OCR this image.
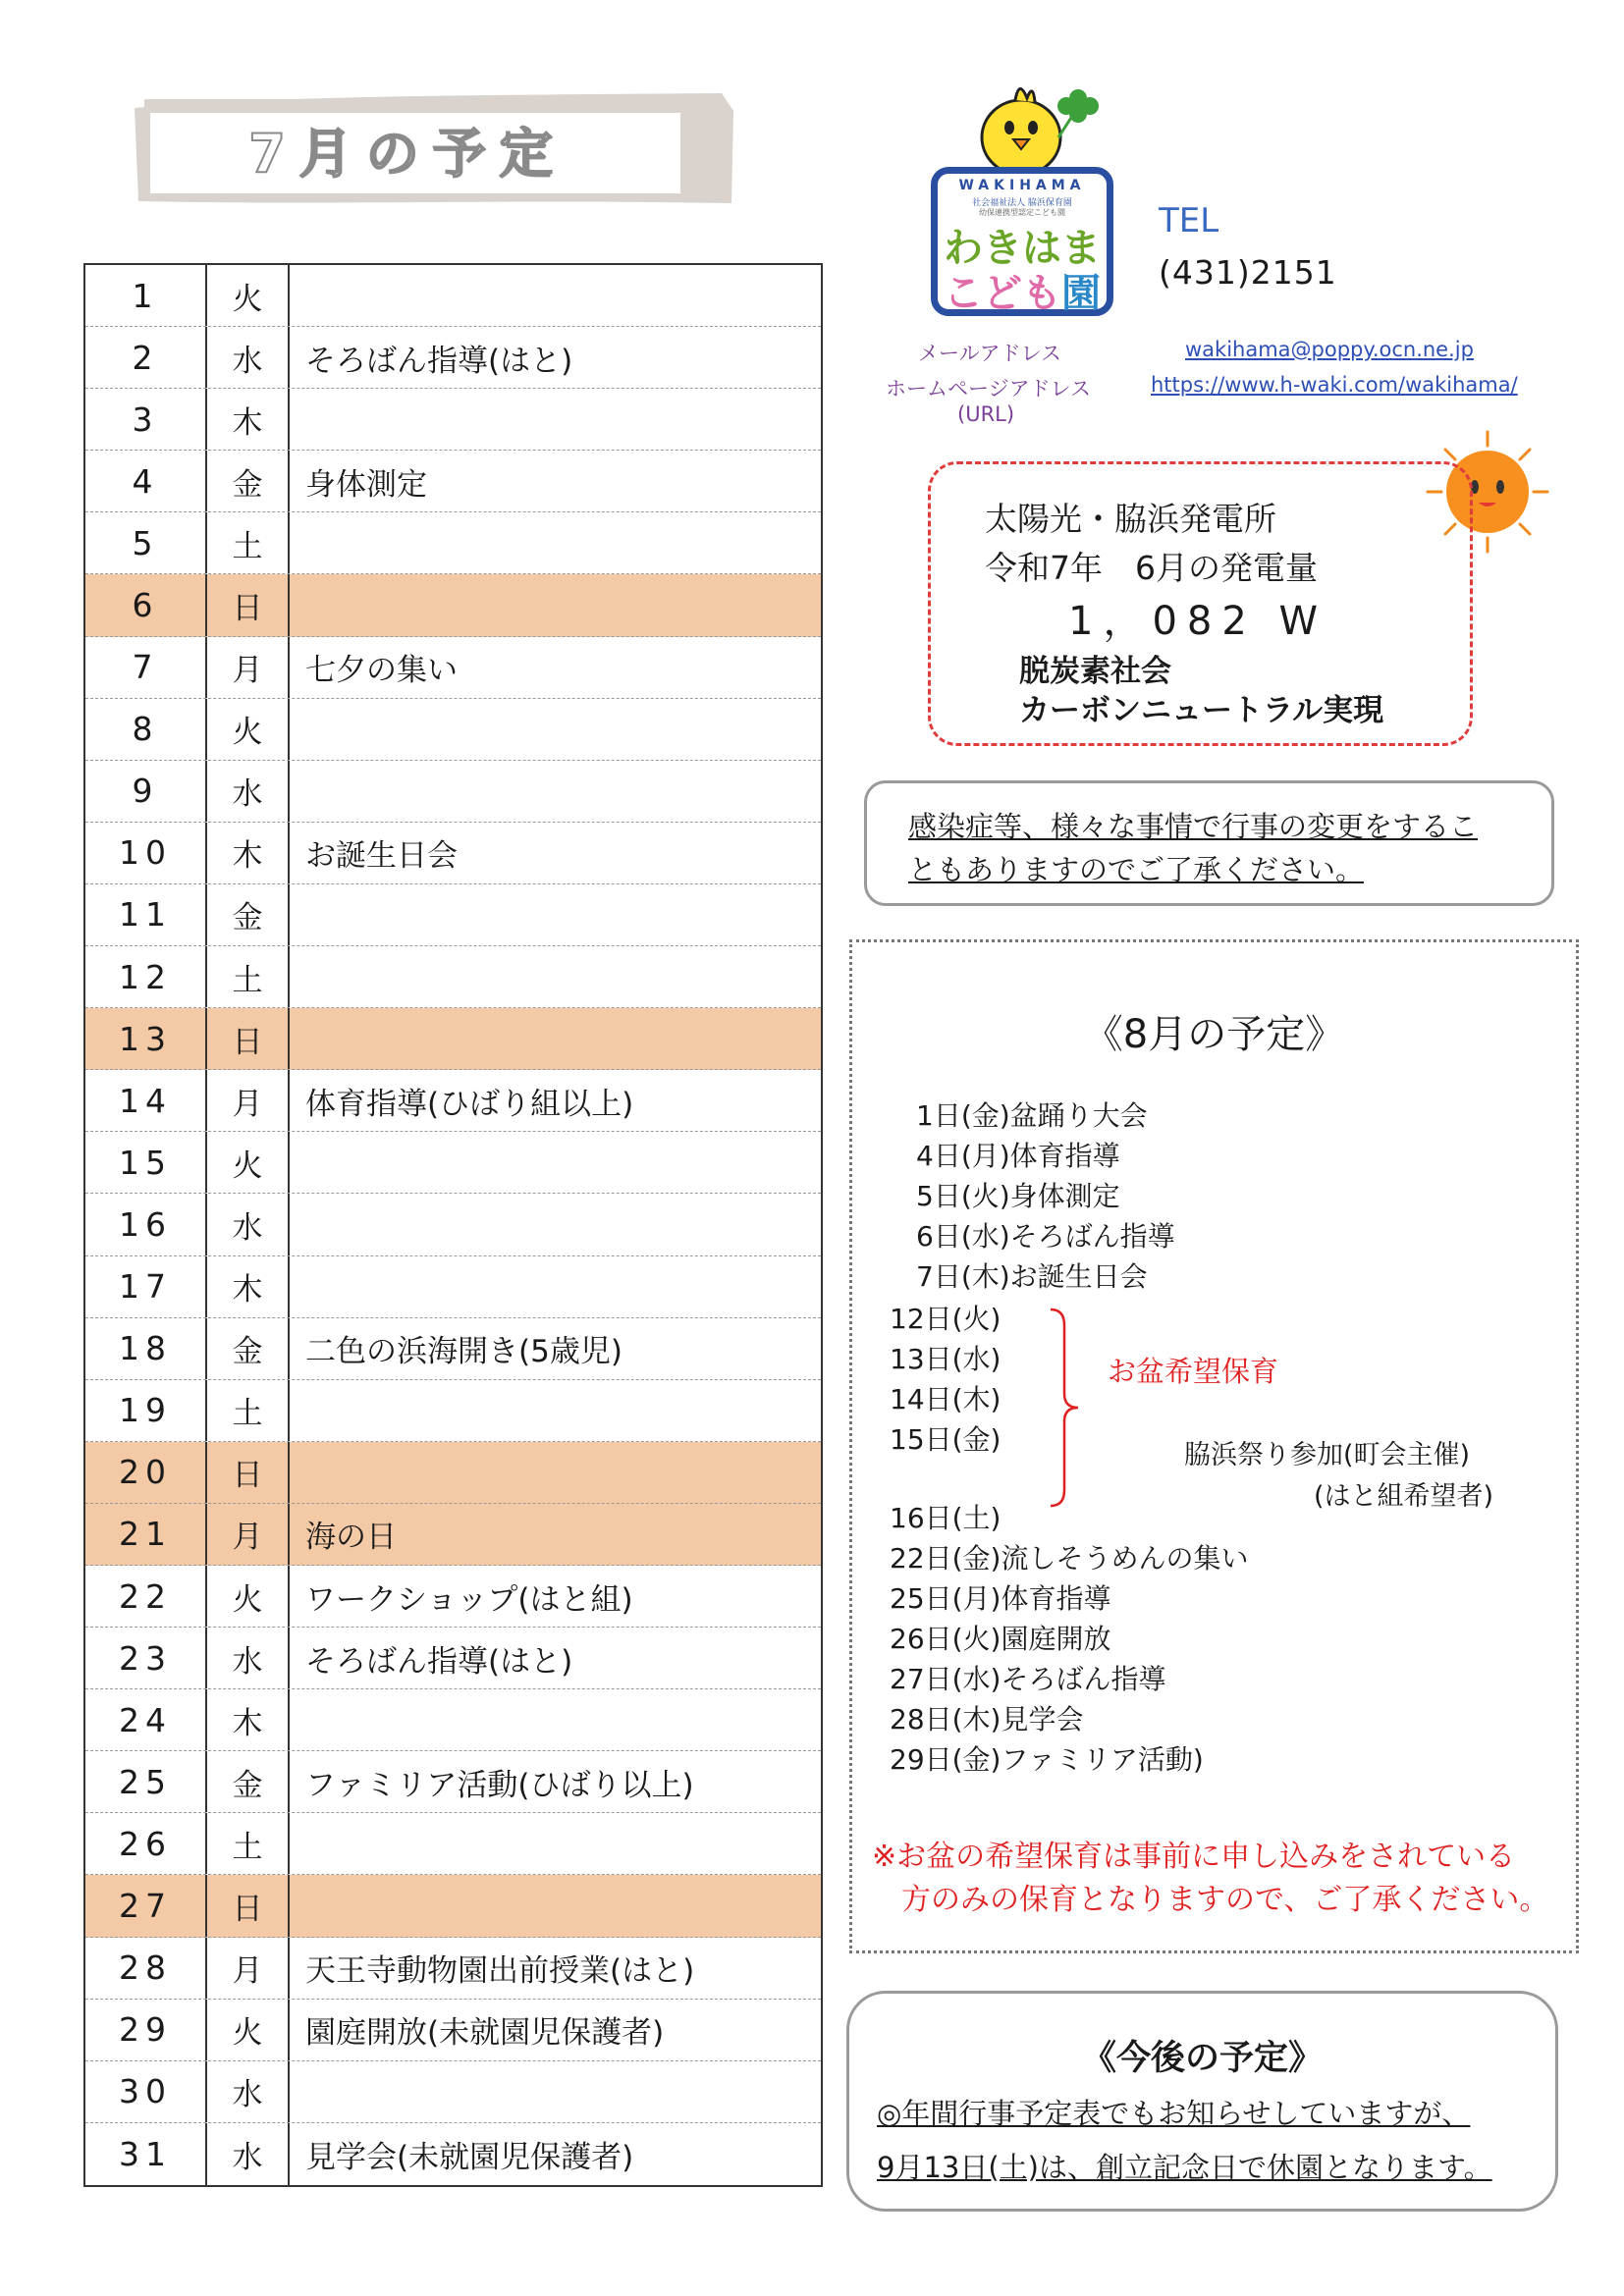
7月の予定
1	火
2	水	そろばん指導(はと)
3	木
4	金	身体測定
5	土
6	日
7	月	七夕の集い
8	火
9	水
10	木	お誕生日会
11	金
12	土
13	日
14	月	体育指導(ひばり組以上)
15	火
16	水
17	木
18	金	二色の浜海開き(5歳児)
19	土
20	日
21	月	海の日
22	火	ワークショップ(はと組)
23	水	そろばん指導(はと)
24	木
25	金	ファミリア活動(ひばり以上)
26	土
27	日
28	月	天王寺動物園出前授業(はと)
29	火	園庭開放(未就園児保護者)
30	水
31	水	見学会(未就園児保護者)
WAKIHAMA
社会福祉法人 脇浜保育園
幼保連携型認定こども園
わきはま
こども園
TEL
(431)2151
メールアドレス
ホームページアドレス
(URL)
wakihama@poppy.ocn.ne.jp
https://www.h-waki.com/wakihama/
太陽光・脇浜発電所
令和7年　6月の発電量
1，082 W
脱炭素社会
カーボンニュートラル実現
感染症等、様々な事情で行事の変更をするこ
ともありますのでご了承ください。
《8月の予定》
お盆希望保育
脇浜祭り参加(町会主催)
(はと組希望者)
※お盆の希望保育は事前に申し込みをされている
方のみの保育となりますので、ご了承ください。
1日(金)盆踊り大会
4日(月)体育指導
5日(火)身体測定
6日(水)そろばん指導
7日(木)お誕生日会
12日(火)
13日(水)
14日(木)
15日(金)
16日(土)
22日(金)流しそうめんの集い
25日(月)体育指導
26日(火)園庭開放
27日(水)そろばん指導
28日(木)見学会
29日(金)ファミリア活動)
《今後の予定》
◎年間行事予定表でもお知らせしていますが、
9月13日(土)は、創立記念日で休園となります。
